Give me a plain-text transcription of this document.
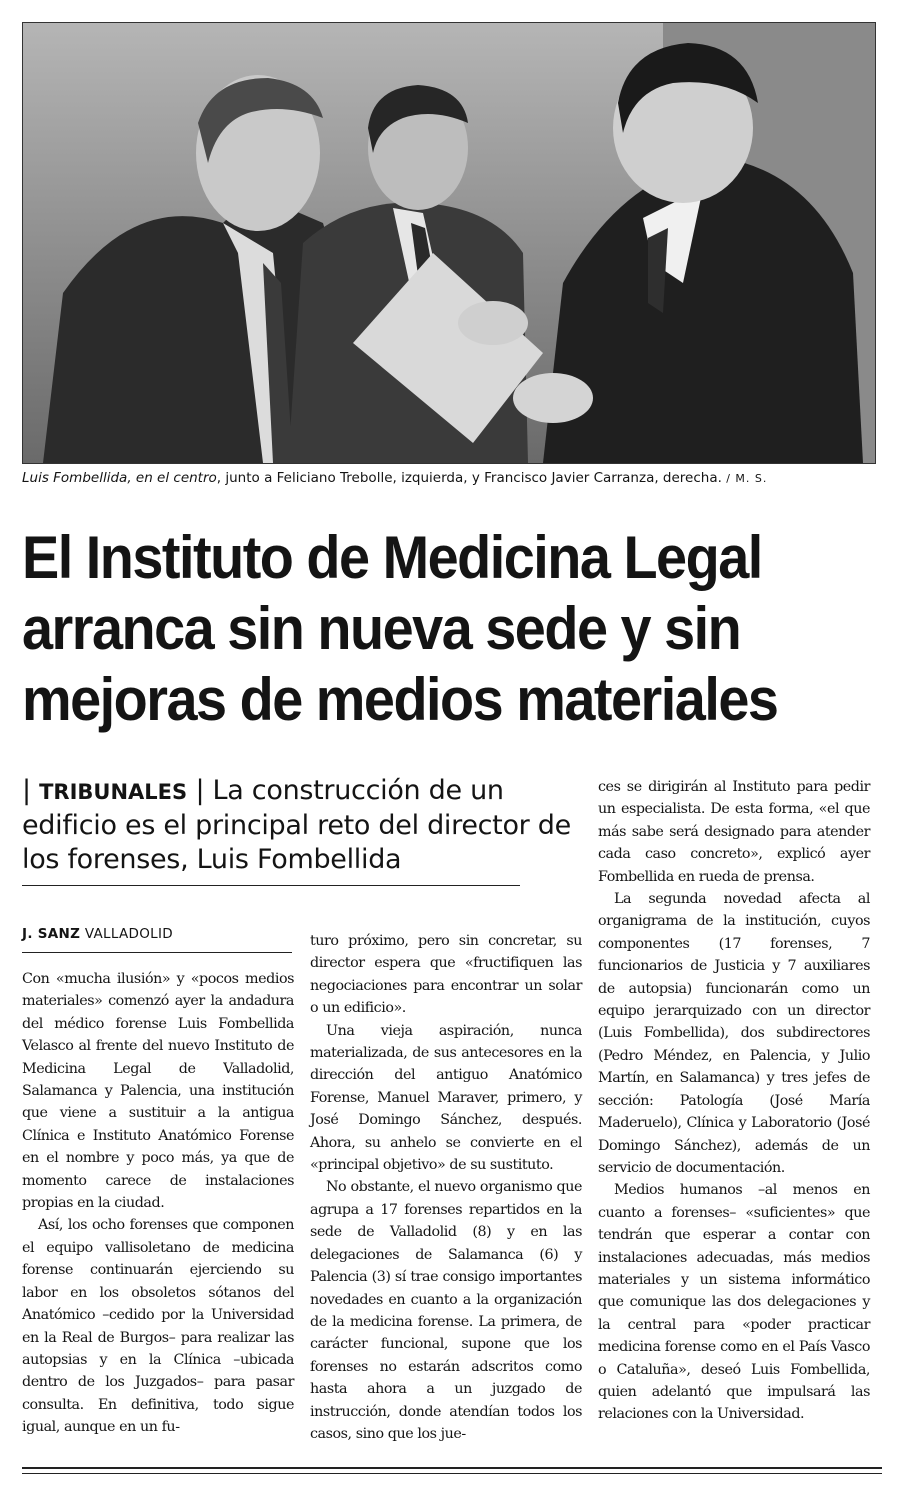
Luis Fombellida, en el centro, junto a Feliciano Trebolle, izquierda, y Francisco Javier Carranza, derecha. / M. S.
El Instituto de Medicina Legal
arranca sin nueva sede y sin
mejoras de medios materiales
| TRIBUNALES | La construcción de un edificio es el principal reto del director de los forenses, Luis Fombellida
J. SANZ VALLADOLID

Con «mucha ilusión» y «pocos medios materiales» comenzó ayer la andadura del médico forense Luis Fombellida Velasco al frente del nuevo Instituto de Medicina Legal de Valladolid, Salamanca y Palencia, una institución que viene a sustituir a la antigua Clínica e Instituto Anatómico Forense en el nombre y poco más, ya que de momento carece de instalaciones propias en la ciudad.

Así, los ocho forenses que componen el equipo vallisoletano de medicina forense continuarán ejerciendo su labor en los obsoletos sótanos del Anatómico –cedido por la Universidad en la Real de Burgos– para realizar las autopsias y en la Clínica –ubicada dentro de los Juzgados– para pasar consulta. En definitiva, todo sigue igual, aunque en un fu-

turo próximo, pero sin concretar, su director espera que «fructifiquen las negociaciones para encontrar un solar o un edificio».

Una vieja aspiración, nunca materializada, de sus antecesores en la dirección del antiguo Anatómico Forense, Manuel Maraver, primero, y José Domingo Sánchez, después. Ahora, su anhelo se convierte en el «principal objetivo» de su sustituto.

No obstante, el nuevo organismo que agrupa a 17 forenses repartidos en la sede de Valladolid (8) y en las delegaciones de Salamanca (6) y Palencia (3) sí trae consigo importantes novedades en cuanto a la organización de la medicina forense. La primera, de carácter funcional, supone que los forenses no estarán adscritos como hasta ahora a un juzgado de instrucción, donde atendían todos los casos, sino que los jue-

ces se dirigirán al Instituto para pedir un especialista. De esta forma, «el que más sabe será designado para atender cada caso concreto», explicó ayer Fombellida en rueda de prensa.

La segunda novedad afecta al organigrama de la institución, cuyos componentes (17 forenses, 7 funcionarios de Justicia y 7 auxiliares de autopsia) funcionarán como un equipo jerarquizado con un director (Luis Fombellida), dos subdirectores (Pedro Méndez, en Palencia, y Julio Martín, en Salamanca) y tres jefes de sección: Patología (José María Maderuelo), Clínica y Laboratorio (José Domingo Sánchez), además de un servicio de documentación.

Medios humanos –al menos en cuanto a forenses– «suficientes» que tendrán que esperar a contar con instalaciones adecuadas, más medios materiales y un sistema informático que comunique las dos delegaciones y la central para «poder practicar medicina forense como en el País Vasco o Cataluña», deseó Luis Fombellida, quien adelantó que impulsará las relaciones con la Universidad.
